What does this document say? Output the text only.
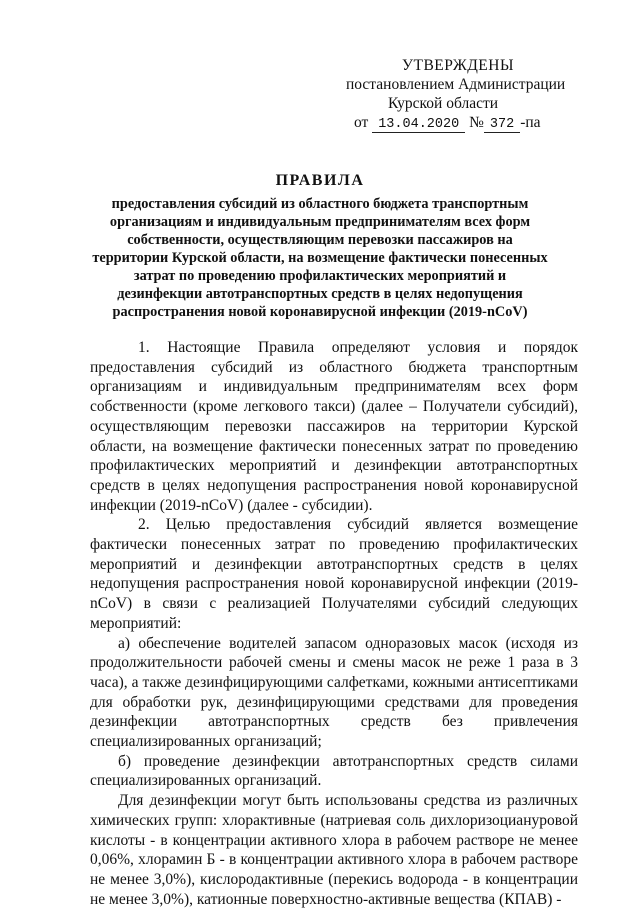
УТВЕРЖДЕНЫ
постановлением Администрации
Курской области
от 13.04.2020 № 372 -па
ПРАВИЛА
предоставления субсидий из областного бюджета транспортным организациям и индивидуальным предпринимателям всех форм собственности, осуществляющим перевозки пассажиров на территории Курской области, на возмещение фактически понесенных затрат по проведению профилактических мероприятий и дезинфекции автотранспортных средств в целях недопущения распространения новой коронавирусной инфекции (2019-nCoV)

1. Настоящие Правила определяют условия и порядок предоставления субсидий из областного бюджета транспортным организациям и индивидуальным предпринимателям всех форм собственности (кроме легкового такси) (далее – Получатели субсидий), осуществляющим перевозки пассажиров на территории Курской области, на возмещение фактически понесенных затрат по проведению профилактических мероприятий и дезинфекции автотранспортных средств в целях недопущения распространения новой коронавирусной инфекции (2019-nCoV) (далее - субсидии).

2. Целью предоставления субсидий является возмещение фактически понесенных затрат по проведению профилактических мероприятий и дезинфекции автотранспортных средств в целях недопущения распространения новой коронавирусной инфекции (2019-nCoV) в связи с реализацией Получателями субсидий следующих мероприятий:

а) обеспечение водителей запасом одноразовых масок (исходя из продолжительности рабочей смены и смены масок не реже 1 раза в 3 часа), а также дезинфицирующими салфетками, кожными антисептиками для обработки рук, дезинфицирующими средствами для проведения дезинфекции автотранспортных средств без привлечения специализированных организаций;

б) проведение дезинфекции автотранспортных средств силами специализированных организаций.

Для дезинфекции могут быть использованы средства из различных химических групп: хлорактивные (натриевая соль дихлоризоциануровой кислоты - в концентрации активного хлора в рабочем растворе не менее 0,06%, хлорамин Б - в концентрации активного хлора в рабочем растворе не менее 3,0%), кислородактивные (перекись водорода - в концентрации не менее 3,0%), катионные поверхностно-активные вещества (КПАВ) -
